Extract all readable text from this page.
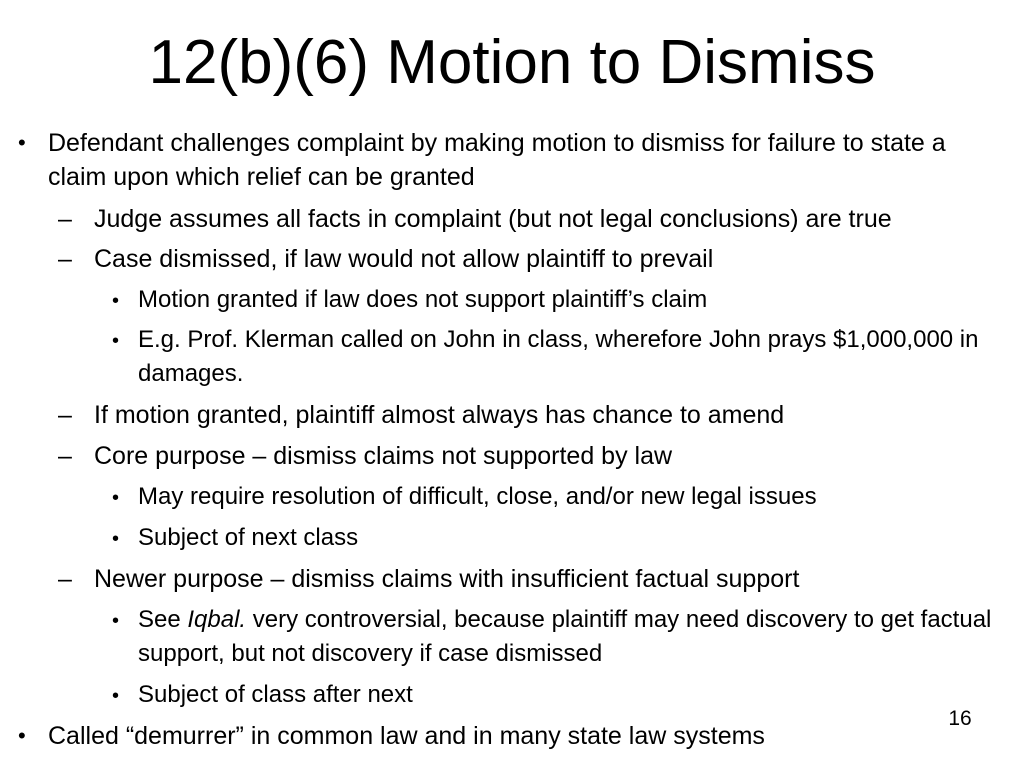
12(b)(6) Motion to Dismiss
• Defendant challenges complaint by making motion to dismiss for failure to state a claim upon which relief can be granted
– Judge assumes all facts in complaint (but not legal conclusions) are true
– Case dismissed, if law would not allow plaintiff to prevail
• Motion granted if law does not support plaintiff’s claim
• E.g. Prof. Klerman called on John in class, wherefore John prays $1,000,000 in damages.
– If motion granted, plaintiff almost always has chance to amend
– Core purpose – dismiss claims not supported by law
• May require resolution of difficult, close, and/or new legal issues
• Subject of next class
– Newer purpose – dismiss claims with insufficient factual support
• See Iqbal. very controversial, because plaintiff may need discovery to get factual support, but not discovery if case dismissed
• Subject of class after next
• Called “demurrer” in common law and in many state law systems
16
